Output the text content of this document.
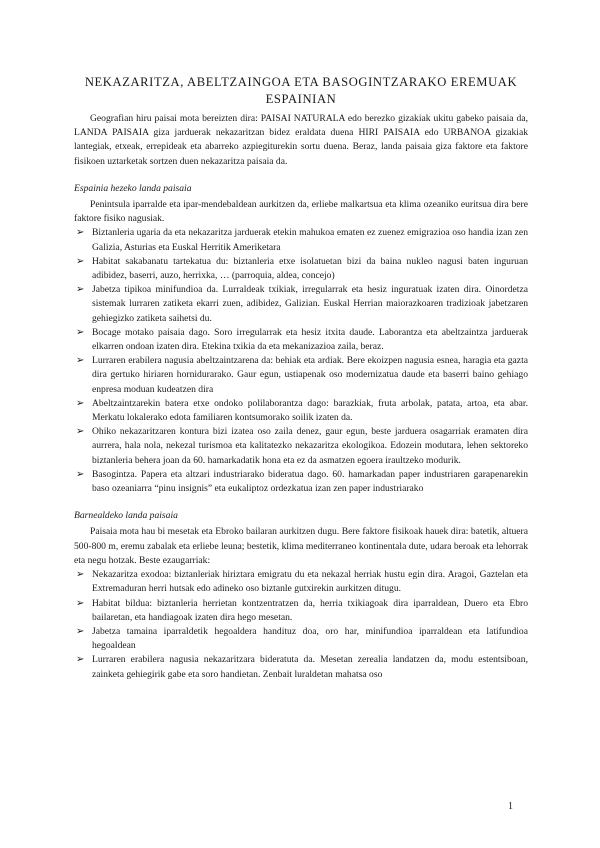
NEKAZARITZA, ABELTZAINGOA ETA BASOGINTZARAKO EREMUAK ESPAINIAN

Geografian hiru paisai mota bereizten dira: PAISAI NATURALA edo berezko gizakiak ukitu gabeko paisaia da, LANDA PAISAIA giza jarduerak nekazaritzan bidez eraldata duena HIRI PAISAIA edo URBANOA gizakiak lantegiak, etxeak, errepideak eta abarreko azpiegiturekin sortu duena. Beraz, landa paisaia giza faktore eta faktore fisikoen uztarketak sortzen duen nekazaritza paisaia da.

Espainia hezeko landa paisaia

Penintsula iparralde eta ipar-mendebaldean aurkitzen da, erliebe malkartsua eta klima ozeaniko euritsua dira bere faktore fisiko nagusiak.

➢ Biztanleria ugaria da eta nekazaritza jarduerak etekin mahukoa ematen ez zuenez emigrazioa oso handia izan zen Galizia, Asturias eta Euskal Herritik Ameriketara
➢ Habitat sakabanatu tartekatua du: biztanleria etxe isolatuetan bizi da baina nukleo nagusi baten inguruan adibidez, baserri, auzo, herrixka, … (parroquia, aldea, concejo)
➢ Jabetza tipikoa minifundioa da. Lurraldeak txikiak, irregularrak eta hesiz inguratuak izaten dira. Oinordetza sistemak lurraren zatiketa ekarri zuen, adibidez, Galizian. Euskal Herrian maiorazkoaren tradizioak jabetzaren gehiegizko zatiketa saihetsi du.
➢ Bocage motako paisaia dago. Soro irregularrak eta hesiz itxita daude. Laborantza eta abeltzaintza jarduerak elkarren ondoan izaten dira. Etekina txikia da eta mekanizazioa zaila, beraz.
➢ Lurraren erabilera nagusia abeltzaintzarena da: behiak eta ardiak. Bere ekoizpen nagusia esnea, haragia eta gazta dira gertuko hiriaren hornidurarako. Gaur egun, ustiapenak oso modernizatua daude eta baserri baino gehiago enpresa moduan kudeatzen dira
➢ Abeltzaintzarekin batera etxe ondoko polilaborantza dago: barazkiak, fruta arbolak, patata, artoa, eta abar. Merkatu lokalerako edota familiaren kontsumorako soilik izaten da.
➢ Ohiko nekazaritzaren kontura bizi izatea oso zaila denez, gaur egun, beste jarduera osagarriak eramaten dira aurrera, hala nola, nekezal turismoa eta kalitatezko nekazaritza ekologikoa. Edozein modutara, lehen sektoreko biztanleria behera joan da 60. hamarkadatik hona eta ez da asmatzen egoera iraultzeko modurik.
➢ Basogintza. Papera eta altzari industriarako bideratua dago. 60. hamarkadan paper industriaren garapenarekin baso ozeaniarra “pinu insignis” eta eukaliptoz ordezkatua izan zen paper industriarako

Barnealdeko landa paisaia

Paisaia mota hau bi mesetak eta Ebroko bailaran aurkitzen dugu. Bere faktore fisikoak hauek dira: batetik, altuera 500-800 m, eremu zabalak eta erliebe leuna; bestetik, klima mediterraneo kontinentala dute, udara beroak eta lehorrak eta negu hotzak. Beste ezaugarriak:

➢ Nekazaritza exodoa: biztanleriak hiriztara emigratu du eta nekazal herriak hustu egin dira. Aragoi, Gaztelan eta Extremaduran herri hutsak edo adineko oso biztanle gutxirekin aurkitzen ditugu.
➢ Habitat bildua: biztanleria herrietan kontzentratzen da, herria txikiagoak dira iparraldean, Duero eta Ebro bailaretan, eta handiagoak izaten dira hego mesetan.
➢ Jabetza tamaina iparraldetik hegoaldera handituz doa, oro har, minifundioa iparraldean eta latifundioa hegoaldean
➢ Lurraren erabilera nagusia nekazaritzara bideratuta da. Mesetan zerealia landatzen da, modu estentsiboan, zainketa gehiegirik gabe eta soro handietan. Zenbait luraldetan mahatsa oso
1
